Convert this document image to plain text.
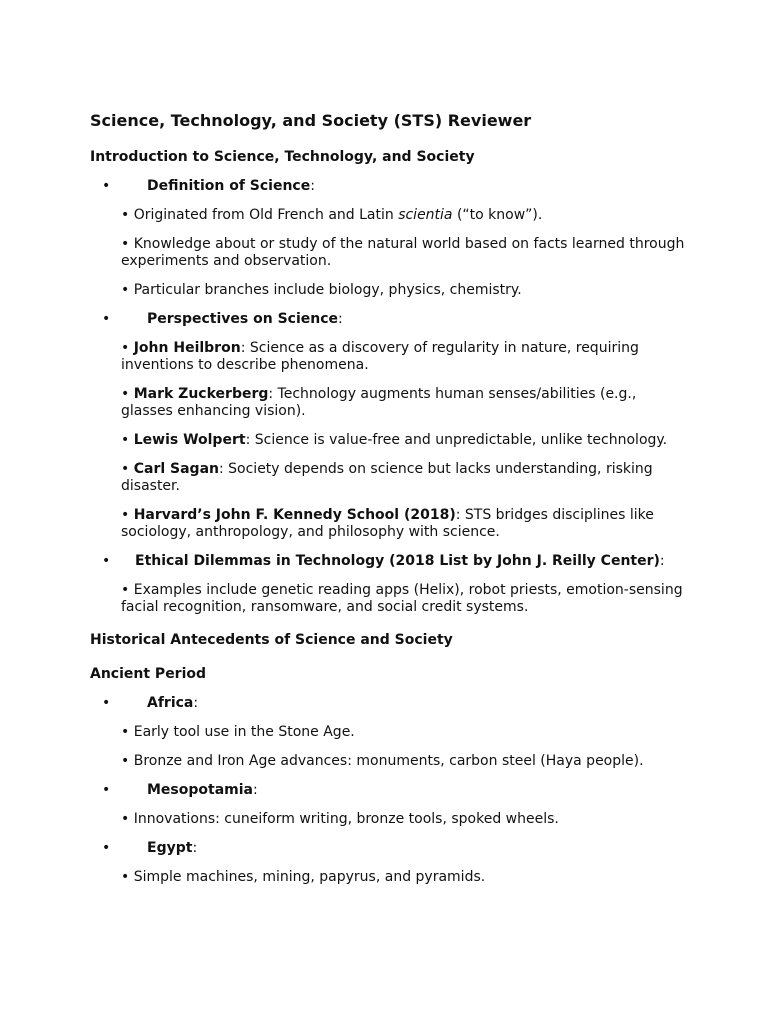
Science, Technology, and Society (STS) Reviewer
Introduction to Science, Technology, and Society
•	Definition of Science:
• Originated from Old French and Latin scientia (“to know”).
• Knowledge about or study of the natural world based on facts learned through experiments and observation.
• Particular branches include biology, physics, chemistry.
•	Perspectives on Science:
• John Heilbron: Science as a discovery of regularity in nature, requiring inventions to describe phenomena.
• Mark Zuckerberg: Technology augments human senses/abilities (e.g., glasses enhancing vision).
• Lewis Wolpert: Science is value-free and unpredictable, unlike technology.
• Carl Sagan: Society depends on science but lacks understanding, risking disaster.
• Harvard’s John F. Kennedy School (2018): STS bridges disciplines like sociology, anthropology, and philosophy with science.
• Ethical Dilemmas in Technology (2018 List by John J. Reilly Center):
• Examples include genetic reading apps (Helix), robot priests, emotion-sensing facial recognition, ransomware, and social credit systems.
Historical Antecedents of Science and Society
Ancient Period
•	Africa:
• Early tool use in the Stone Age.
• Bronze and Iron Age advances: monuments, carbon steel (Haya people).
•	Mesopotamia:
• Innovations: cuneiform writing, bronze tools, spoked wheels.
•	Egypt:
• Simple machines, mining, papyrus, and pyramids.
